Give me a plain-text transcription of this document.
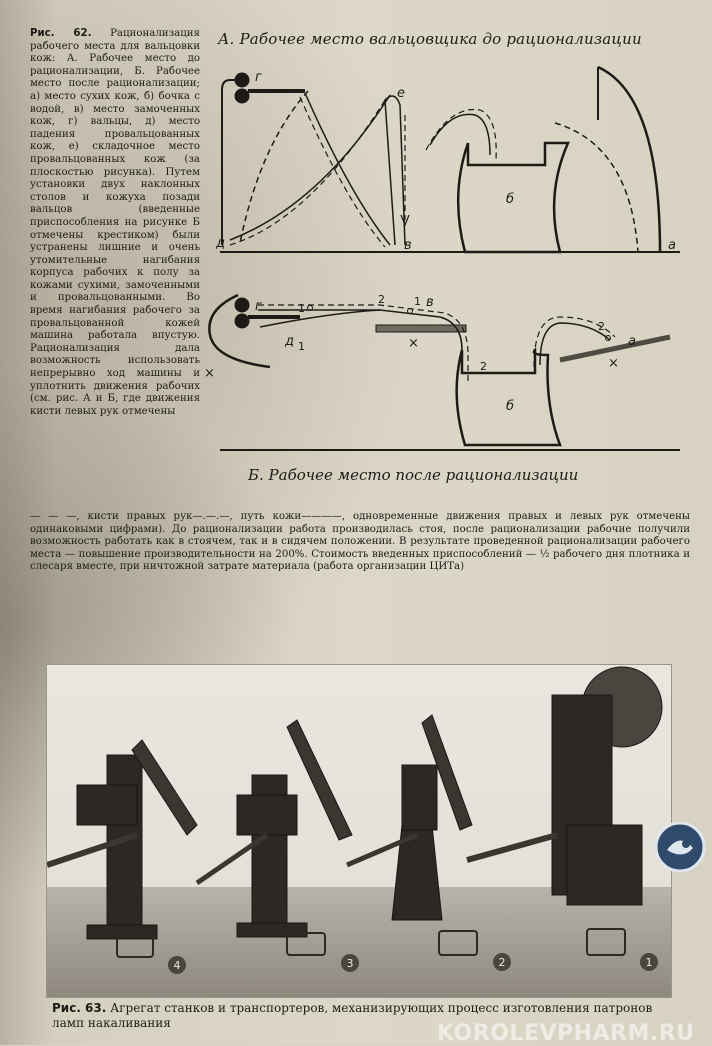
Рис. 62. Рационализация рабочего места для вальцовки кож: А. Рабочее место до рационализации, Б. Рабочее место после рационализации; а) место сухих кож, б) бочка с водой, в) место замоченных кож, г) вальцы, д) место падения провальцованных кож, е) складочное место провальцованных кож (за плоскостью рисунка). Путем установки двух наклонных столов и кожуха позади вальцов (введенные приспособления на рисунке Б отмечены крестиком) были устранены лишние и очень утомительные нагибания корпуса рабочих к полу за кожами сухими, замоченными и провальцованными. Во время нагибания рабочего за провальцованной кожей машина работала впустую. Рационализация дала возможность использовать непрерывно ход машины и уплотнить движения рабочих (см. рис. А и Б, где движения кисти левых рук отмечены
А. Рабочее место вальцовщика до рационализации
г
е
д	в
б
а
г
д
б
а
в
1
2	1
1
2
2
×
×
×
Б. Рабочее место после рационализации
— — —, кисти правых рук—.—.—, путь кожи————, одновременные движения правых и левых рук отмечены одинаковыми цифрами). До рационализации работа производилась стоя, после рационализации рабочие получили возможность работать как в стоячем, так и в сидячем положении. В результате проведенной рационализации рабочего места — повышение производительности на 200%. Стоимость введенных приспособлений — ½ рабочего дня плотника и слесаря вместе, при ничтожной затрате материала (работа организации ЦИТа)
4	3	2	1
Рис. 63. Агрегат станков и транспортеров, механизирующих процесс изготовления патронов ламп накаливания	KOROLEVPHARM.RU
